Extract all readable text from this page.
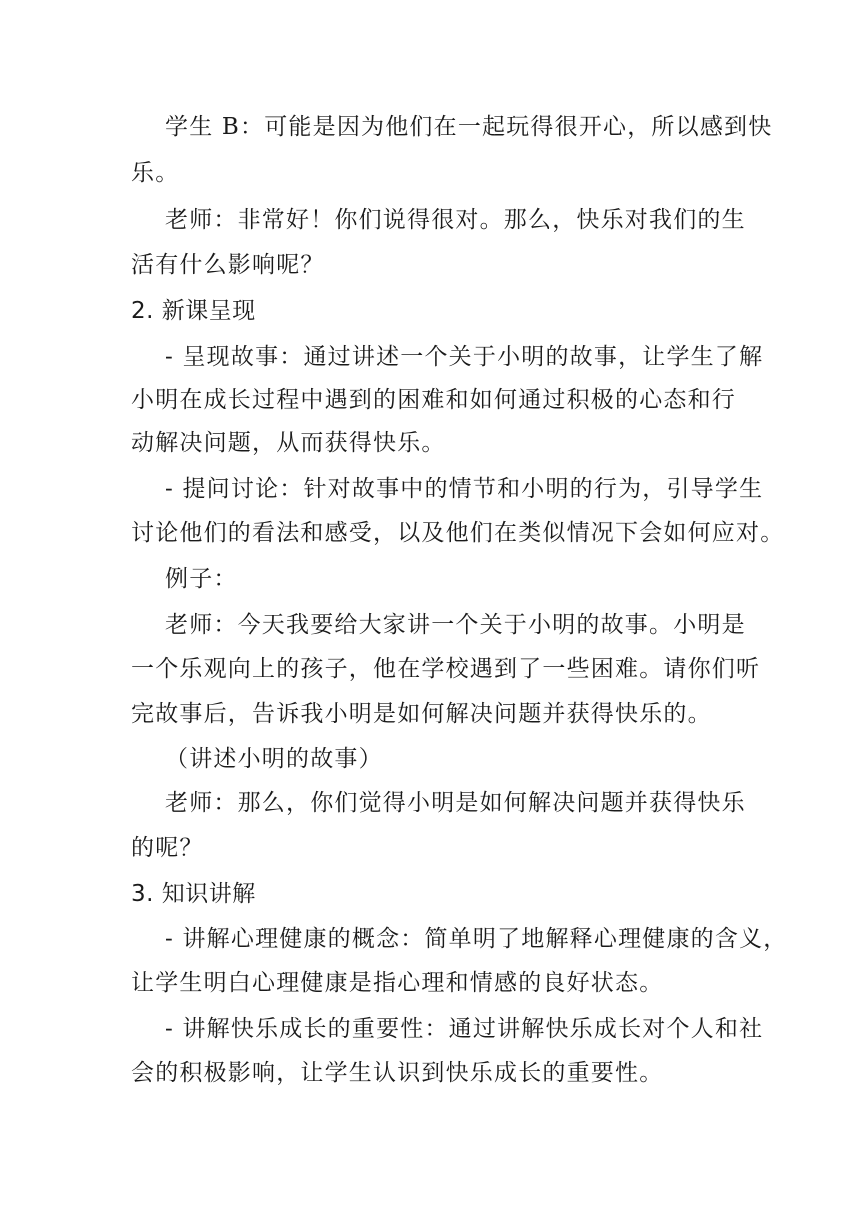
学生 B：可能是因为他们在一起玩得很开心，所以感到快
乐。
老师：非常好！你们说得很对。那么，快乐对我们的生
活有什么影响呢？
2. 新课呈现
- 呈现故事：通过讲述一个关于小明的故事，让学生了解
小明在成长过程中遇到的困难和如何通过积极的心态和行
动解决问题，从而获得快乐。
- 提问讨论：针对故事中的情节和小明的行为，引导学生
讨论他们的看法和感受，以及他们在类似情况下会如何应对。
例子：
老师：今天我要给大家讲一个关于小明的故事。小明是
一个乐观向上的孩子，他在学校遇到了一些困难。请你们听
完故事后，告诉我小明是如何解决问题并获得快乐的。
（讲述小明的故事）
老师：那么，你们觉得小明是如何解决问题并获得快乐
的呢？
3. 知识讲解
- 讲解心理健康的概念：简单明了地解释心理健康的含义，
让学生明白心理健康是指心理和情感的良好状态。
- 讲解快乐成长的重要性：通过讲解快乐成长对个人和社
会的积极影响，让学生认识到快乐成长的重要性。
